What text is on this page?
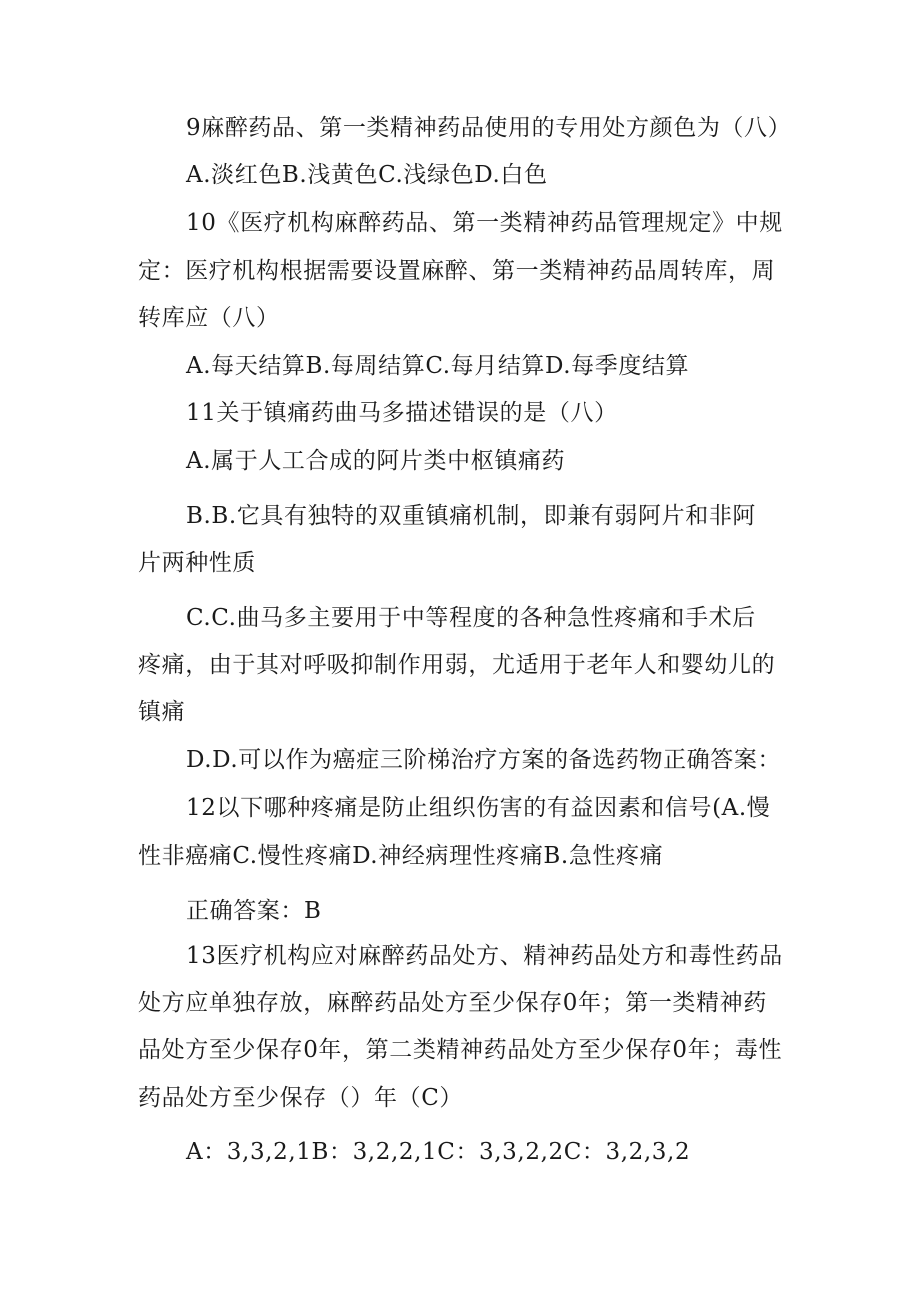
9麻醉药品、第一类精神药品使用的专用处方颜色为（八）
A.淡红色B.浅黄色C.浅绿色D.白色
10《医疗机构麻醉药品、第一类精神药品管理规定》中规
定：医疗机构根据需要设置麻醉、第一类精神药品周转库，周
转库应（八）
A.每天结算B.每周结算C.每月结算D.每季度结算
11关于镇痛药曲马多描述错误的是（八）
A.属于人工合成的阿片类中枢镇痛药
B.B.它具有独特的双重镇痛机制，即兼有弱阿片和非阿
片两种性质
C.C.曲马多主要用于中等程度的各种急性疼痛和手术后
疼痛，由于其对呼吸抑制作用弱，尤适用于老年人和婴幼儿的
镇痛
D.D.可以作为癌症三阶梯治疗方案的备选药物正确答案：
12以下哪种疼痛是防止组织伤害的有益因素和信号(A.慢
性非癌痛C.慢性疼痛D.神经病理性疼痛B.急性疼痛
正确答案：B
13医疗机构应对麻醉药品处方、精神药品处方和毒性药品
处方应单独存放，麻醉药品处方至少保存0年；第一类精神药
品处方至少保存0年，第二类精神药品处方至少保存0年；毒性
药品处方至少保存（）年（C）
A：3,3,2,1B：3,2,2,1C：3,3,2,2C：3,2,3,2
